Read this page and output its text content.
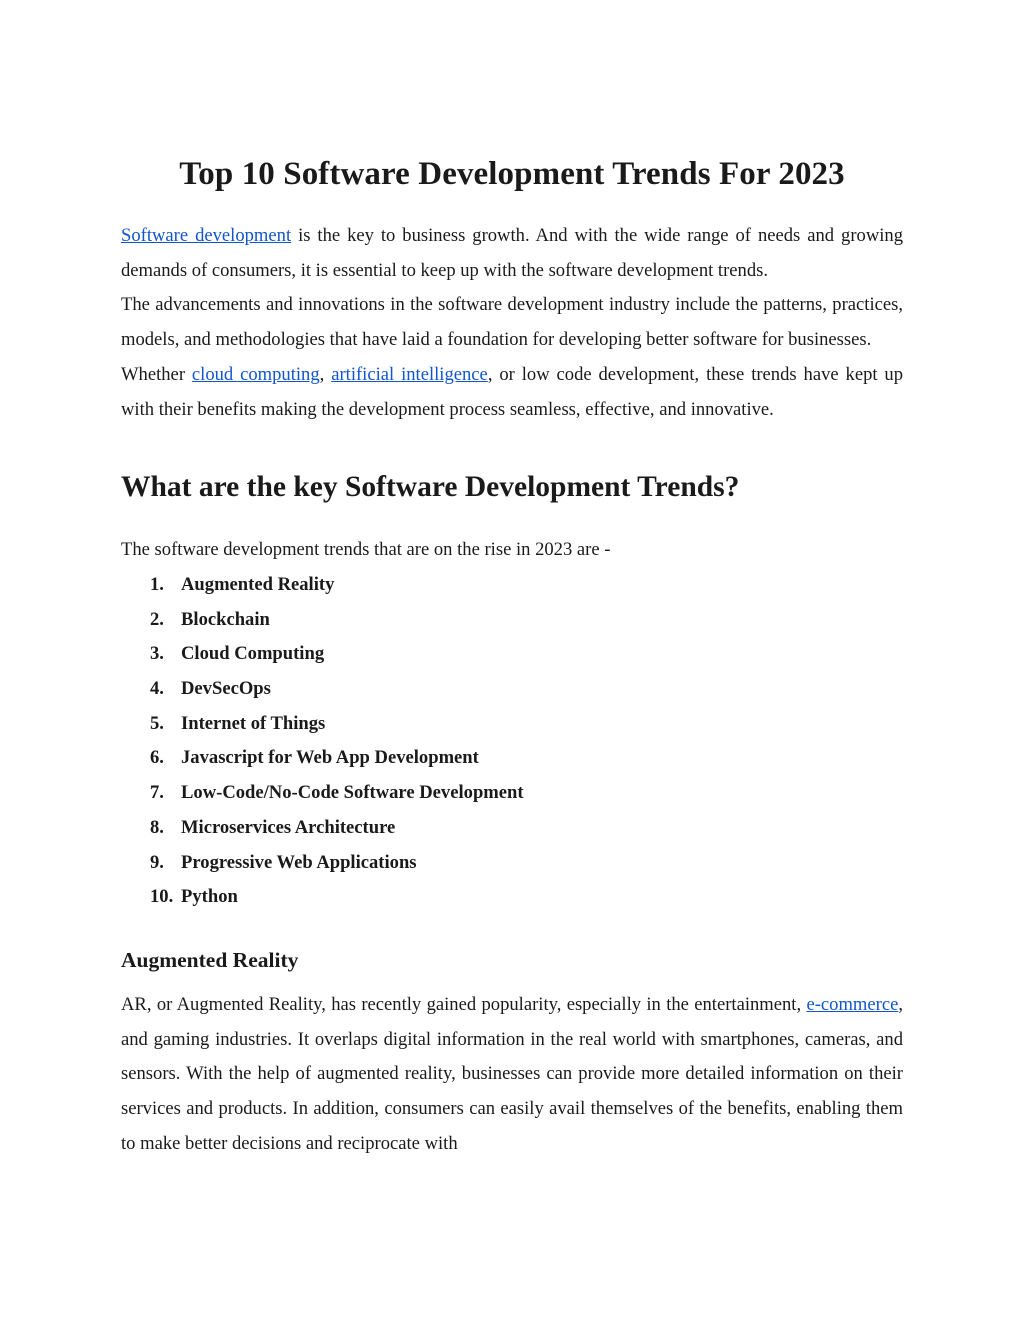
Top 10 Software Development Trends For 2023

Software development is the key to business growth. And with the wide range of needs and growing demands of consumers, it is essential to keep up with the software development trends.

The advancements and innovations in the software development industry include the patterns, practices, models, and methodologies that have laid a foundation for developing better software for businesses.

Whether cloud computing, artificial intelligence, or low code development, these trends have kept up with their benefits making the development process seamless, effective, and innovative.

What are the key Software Development Trends?

The software development trends that are on the rise in 2023 are -

1. Augmented Reality
2. Blockchain
3. Cloud Computing
4. DevSecOps
5. Internet of Things
6. Javascript for Web App Development
7. Low-Code/No-Code Software Development
8. Microservices Architecture
9. Progressive Web Applications
10. Python
Augmented Reality

AR, or Augmented Reality, has recently gained popularity, especially in the entertainment, e-commerce, and gaming industries. It overlaps digital information in the real world with smartphones, cameras, and sensors. With the help of augmented reality, businesses can provide more detailed information on their services and products. In addition, consumers can easily avail themselves of the benefits, enabling them to make better decisions and reciprocate with
